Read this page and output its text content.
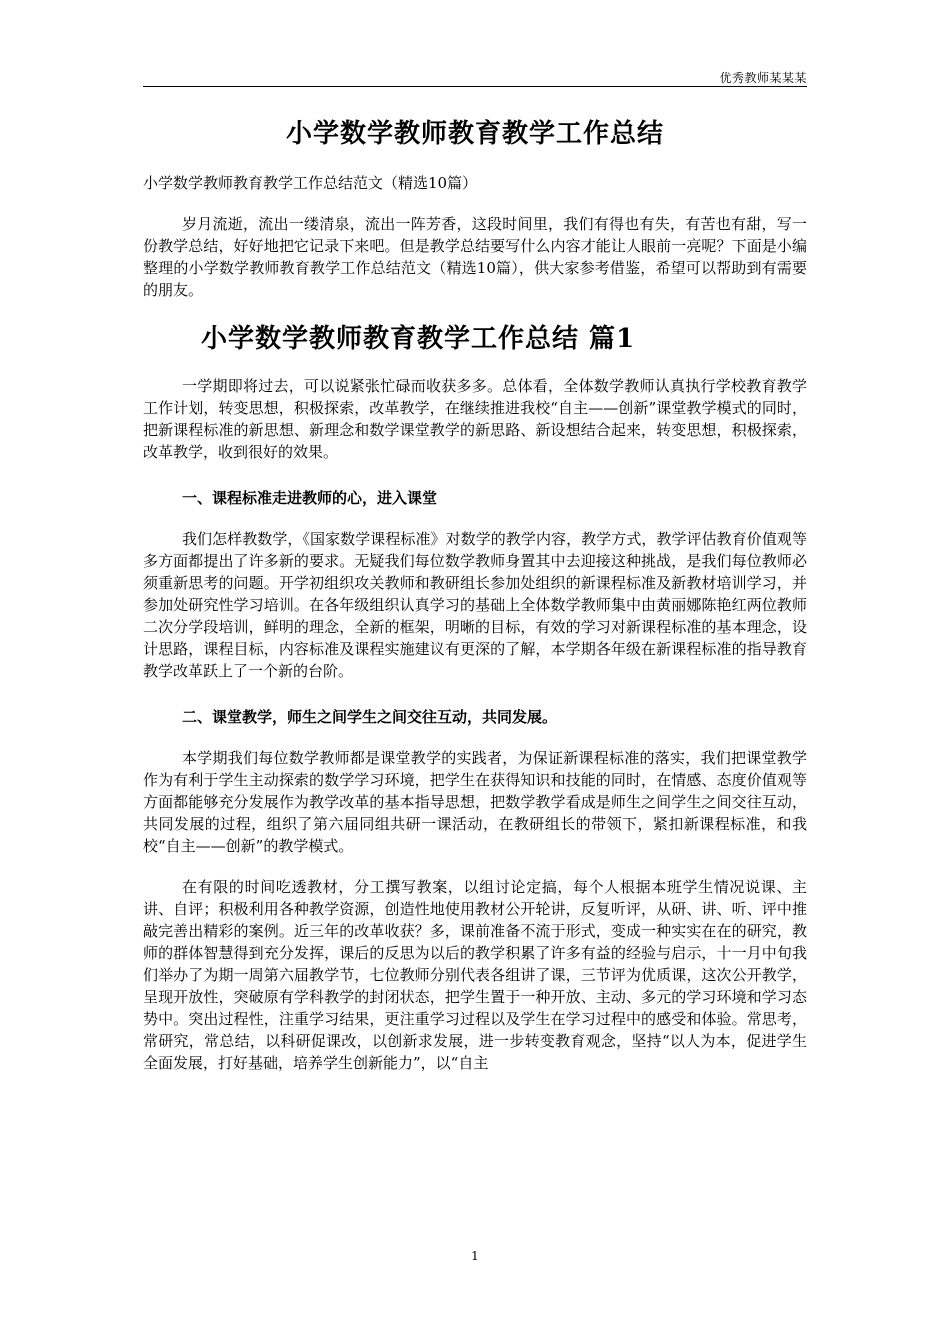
优秀教师某某某
小学数学教师教育教学工作总结

小学数学教师教育教学工作总结范文（精选10篇）

岁月流逝，流出一缕清泉，流出一阵芳香，这段时间里，我们有得也有失，有苦也有甜，写一份教学总结，好好地把它记录下来吧。但是教学总结要写什么内容才能让人眼前一亮呢？下面是小编整理的小学数学教师教育教学工作总结范文（精选10篇），供大家参考借鉴，希望可以帮助到有需要的朋友。

小学数学教师教育教学工作总结 篇1

一学期即将过去，可以说紧张忙碌而收获多多。总体看，全体数学教师认真执行学校教育教学工作计划，转变思想，积极探索，改革教学，在继续推进我校“自主——创新”课堂教学模式的同时，把新课程标准的新思想、新理念和数学课堂教学的新思路、新设想结合起来，转变思想，积极探索，改革教学，收到很好的效果。

一、课程标准走进教师的心，进入课堂

我们怎样教数学，《国家数学课程标准》对数学的教学内容，教学方式，教学评估教育价值观等多方面都提出了许多新的要求。无疑我们每位数学教师身置其中去迎接这种挑战，是我们每位教师必须重新思考的问题。开学初组织攻关教师和教研组长参加处组织的新课程标准及新教材培训学习，并参加处研究性学习培训。在各年级组织认真学习的基础上全体数学教师集中由黄丽娜陈艳红两位教师二次分学段培训，鲜明的理念，全新的框架，明晰的目标，有效的学习对新课程标准的基本理念，设计思路，课程目标，内容标准及课程实施建议有更深的了解，本学期各年级在新课程标准的指导教育教学改革跃上了一个新的台阶。

二、课堂教学，师生之间学生之间交往互动，共同发展。

本学期我们每位数学教师都是课堂教学的实践者，为保证新课程标准的落实，我们把课堂教学作为有利于学生主动探索的数学学习环境，把学生在获得知识和技能的同时，在情感、态度价值观等方面都能够充分发展作为教学改革的基本指导思想，把数学教学看成是师生之间学生之间交往互动，共同发展的过程，组织了第六届同组共研一课活动，在教研组长的带领下，紧扣新课程标准，和我校“自主——创新”的教学模式。

在有限的时间吃透教材，分工撰写教案，以组讨论定搞，每个人根据本班学生情况说课、主讲、自评；积极利用各种教学资源，创造性地使用教材公开轮讲，反复听评，从研、讲、听、评中推敲完善出精彩的案例。近三年的改革收获？多，课前准备不流于形式，变成一种实实在在的研究，教师的群体智慧得到充分发挥，课后的反思为以后的教学积累了许多有益的经验与启示，十一月中旬我们举办了为期一周第六届教学节，七位教师分别代表各组讲了课，三节评为优质课，这次公开教学，呈现开放性，突破原有学科教学的封闭状态，把学生置于一种开放、主动、多元的学习环境和学习态势中。突出过程性，注重学习结果，更注重学习过程以及学生在学习过程中的感受和体验。常思考，常研究，常总结，以科研促课改，以创新求发展，进一步转变教育观念，坚持“以人为本，促进学生全面发展，打好基础，培养学生创新能力”，以“自主

1
